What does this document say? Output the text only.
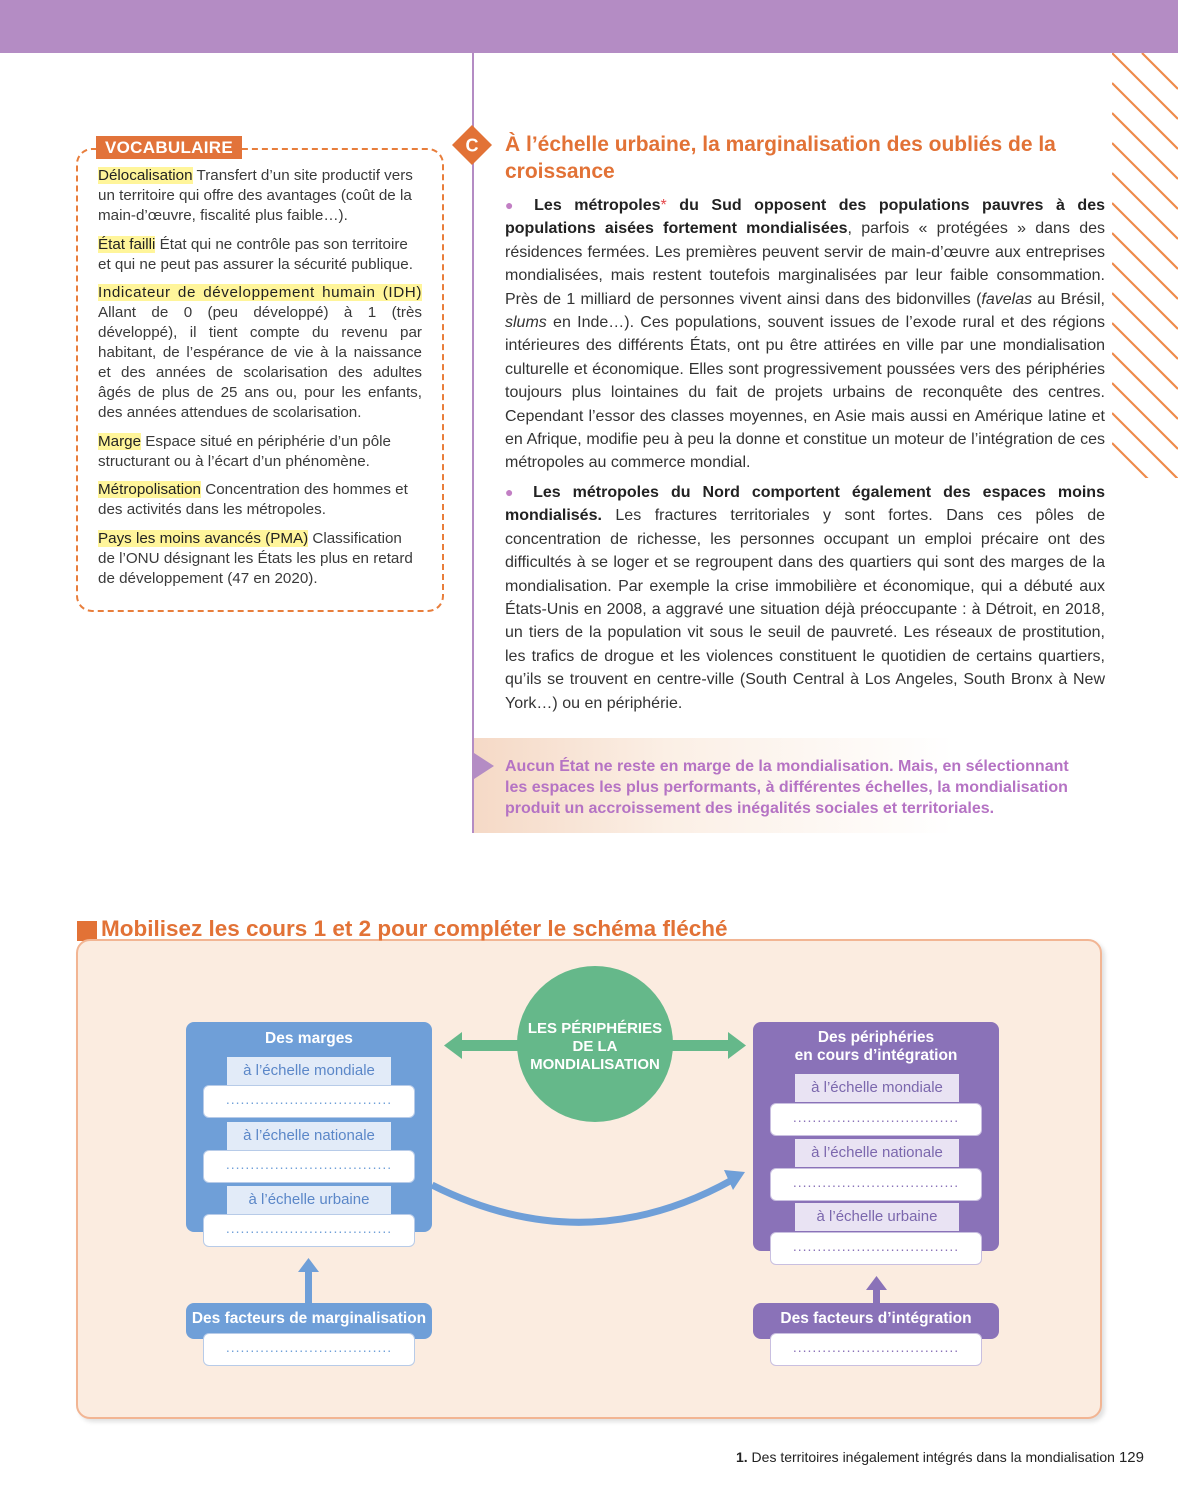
Délocalisation Transfert d’un site productif vers un territoire qui offre des avantages (coût de la main-d’œuvre, fiscalité plus faible…).

État failli État qui ne contrôle pas son territoire et qui ne peut pas assurer la sécurité publique.

Indicateur de développement humain (IDH) Allant de 0 (peu développé) à 1 (très développé), il tient compte du revenu par habitant, de l’espérance de vie à la naissance et des années de scolarisation des adultes âgés de plus de 25 ans ou, pour les enfants, des années attendues de scolarisation.

Marge Espace situé en périphérie d’un pôle structurant ou à l’écart d’un phénomène.

Métropolisation Concentration des hommes et des activités dans les métropoles.

Pays les moins avancés (PMA) Classification de l’ONU désignant les États les plus en retard de développement (47 en 2020).

VOCABULAIRE	C À l’échelle urbaine, la marginalisation des oubliés de la croissance

● Les métropoles* du Sud opposent des populations pauvres à des populations aisées fortement mondialisées, parfois « protégées » dans des résidences fermées. Les premières peuvent servir de main-d’œuvre aux entreprises mondialisées, mais restent toutefois marginalisées par leur faible consommation. Près de 1 milliard de personnes vivent ainsi dans des bidonvilles (favelas au Brésil, slums en Inde…). Ces populations, souvent issues de l’exode rural et des régions intérieures des différents États, ont pu être attirées en ville par une mondialisation culturelle et économique. Elles sont progressivement poussées vers des périphéries toujours plus lointaines du fait de projets urbains de reconquête des centres. Cependant l’essor des classes moyennes, en Asie mais aussi en Amérique latine et en Afrique, modifie peu à peu la donne et constitue un moteur de l’intégration de ces métropoles au commerce mondial.

● Les métropoles du Nord comportent également des espaces moins mondialisés. Les fractures territoriales y sont fortes. Dans ces pôles de concentration de richesse, les personnes occupant un emploi précaire ont des difficultés à se loger et se regroupent dans des quartiers qui sont des marges de la mondialisation. Par exemple la crise immobilière et économique, qui a débuté aux États-Unis en 2008, a aggravé une situation déjà préoccupante : à Détroit, en 2018, un tiers de la population vit sous le seuil de pauvreté. Les réseaux de prostitution, les trafics de drogue et les violences constituent le quotidien de certains quartiers, qu’ils se trouvent en centre-ville (South Central à Los Angeles, South Bronx à New York…) ou en périphérie.

Aucun État ne reste en marge de la mondialisation. Mais, en sélectionnant les espaces les plus performants, à différentes échelles, la mondialisation produit un accroissement des inégalités sociales et territoriales.
Mobilisez les cours 1 et 2 pour compléter le schéma fléché
Des marges
à l’échelle mondiale
..................................
à l’échelle nationale
..................................
à l’échelle urbaine
..................................
LES PÉRIPHÉRIES
DE LA
MONDIALISATION
Des périphéries
en cours d’intégration
à l’échelle mondiale
..................................
à l’échelle nationale
..................................
à l’échelle urbaine
..................................
Des facteurs de marginalisation
..................................
Des facteurs d’intégration
..................................
1. Des territoires inégalement intégrés dans la mondialisation 129
